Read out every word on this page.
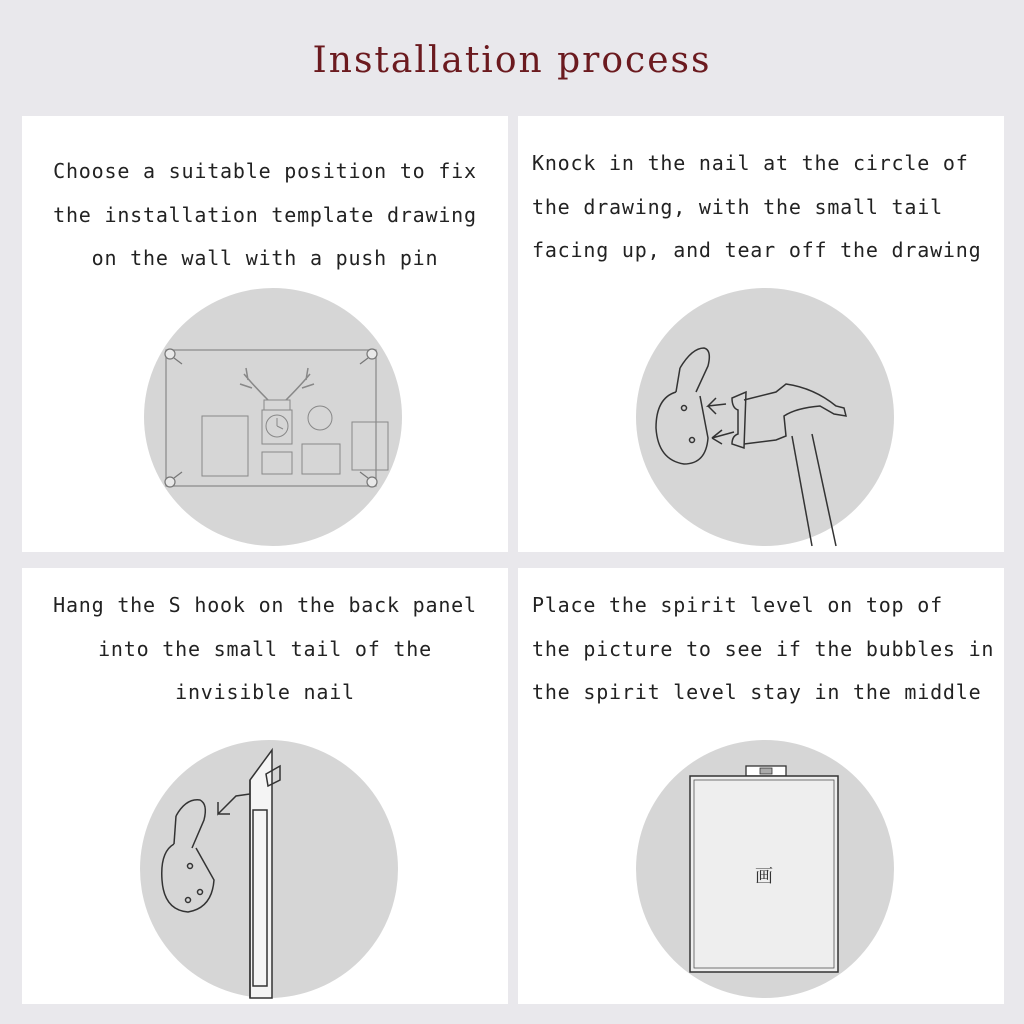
Installation process
Choose a suitable position to fix
the installation template drawing
on the wall with a push pin
Knock in the nail at the circle of
the drawing, with the small tail
facing up, and tear off the drawing
Hang the S hook on the back panel
into the small tail of the
invisible nail
Place the spirit level on top of
the picture to see if the bubbles in
the spirit level stay in the middle
画
